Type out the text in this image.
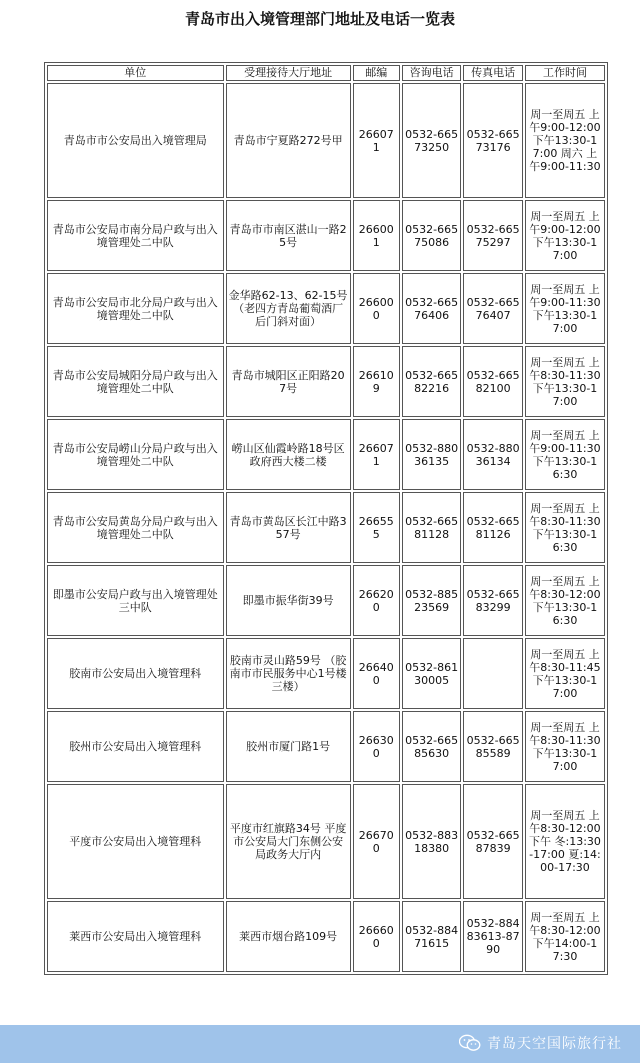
青岛市出入境管理部门地址及电话一览表
单位	受理接待大厅地址	邮编	咨询电话	传真电话	工作时间
青岛市市公安局出入境管理局	青岛市宁夏路272号甲	266071	0532-66573250	0532-66573176	周一至周五 上午9:00-12:00 下午13:30-17:00 周六 上午9:00-11:30
青岛市公安局市南分局户政与出入境管理处二中队	青岛市市南区湛山一路25号	266001	0532-66575086	0532-66575297	周一至周五 上午9:00-12:00 下午13:30-17:00
青岛市公安局市北分局户政与出入境管理处二中队	金华路62-13、62-15号 （老四方青岛葡萄酒厂后门斜对面）	266000	0532-66576406	0532-66576407	周一至周五 上午9:00-11:30 下午13:30-17:00
青岛市公安局城阳分局户政与出入境管理处二中队	青岛市城阳区正阳路207号	266109	0532-66582216	0532-66582100	周一至周五 上午8:30-11:30 下午13:30-17:00
青岛市公安局崂山分局户政与出入境管理处二中队	崂山区仙霞岭路18号区政府西大楼二楼	266071	0532-88036135	0532-88036134	周一至周五 上午9:00-11:30 下午13:30-16:30
青岛市公安局黄岛分局户政与出入境管理处二中队	青岛市黄岛区长江中路357号	266555	0532-66581128	0532-66581126	周一至周五 上午8:30-11:30 下午13:30-16:30
即墨市公安局户政与出入境管理处三中队	即墨市振华街39号	266200	0532-88523569	0532-66583299	周一至周五 上午8:30-12:00 下午13:30-16:30
胶南市公安局出入境管理科	胶南市灵山路59号 （胶南市市民服务中心1号楼三楼）	266400	0532-86130005		周一至周五 上午8:30-11:45 下午13:30-17:00
胶州市公安局出入境管理科	胶州市厦门路1号	266300	0532-66585630	0532-66585589	周一至周五 上午8:30-11:30 下午13:30-17:00
平度市公安局出入境管理科	平度市红旗路34号 平度市公安局大门东侧公安局政务大厅内	266700	0532-88318380	0532-66587839	周一至周五 上午8:30-12:00 下午 冬:13:30-17:00 夏:14:00-17:30
莱西市公安局出入境管理科	莱西市烟台路109号	266600	0532-88471615	0532-88483613-8790	周一至周五 上午8:30-12:00 下午14:00-17:30
青岛天空国际旅行社
